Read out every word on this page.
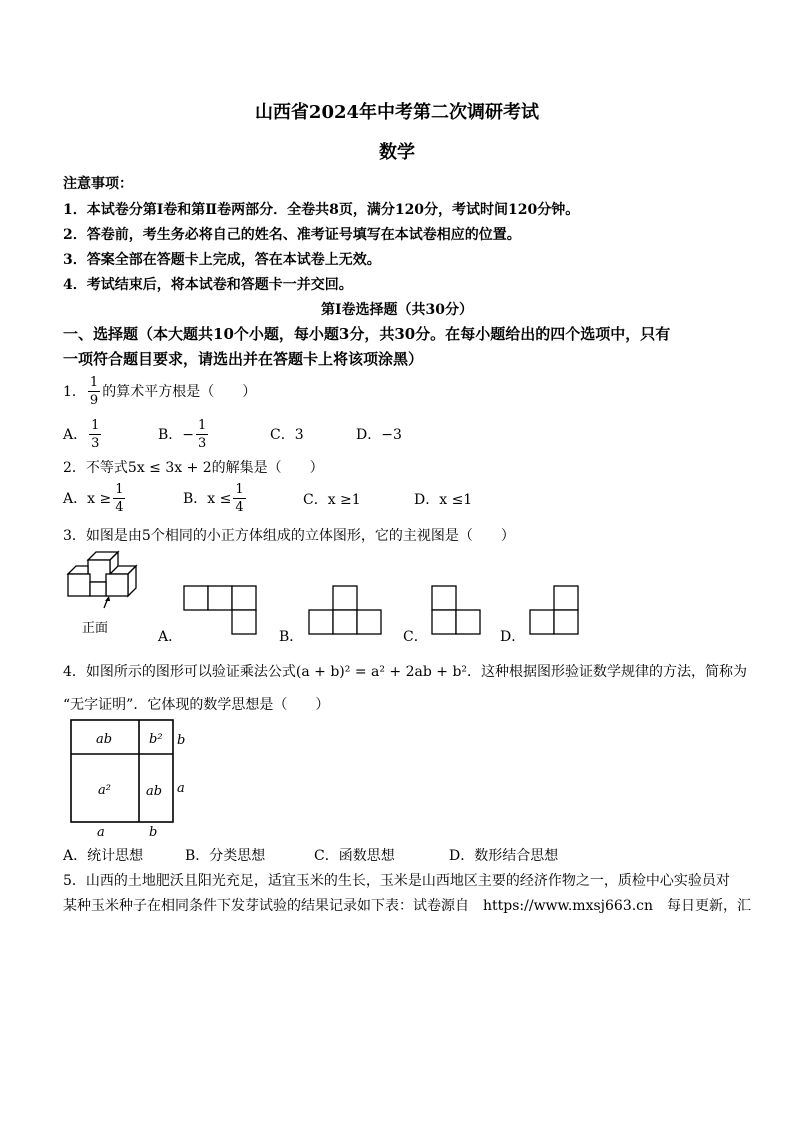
山西省2024年中考第二次调研考试
数学
注意事项：
1．本试卷分第Ⅰ卷和第Ⅱ卷两部分．全卷共8页，满分120分，考试时间120分钟。
2．答卷前，考生务必将自己的姓名、准考证号填写在本试卷相应的位置。
3．答案全部在答题卡上完成，答在本试卷上无效。
4．考试结束后，将本试卷和答题卡一并交回。
第Ⅰ卷选择题（共30分）
一、选择题（本大题共10个小题，每小题3分，共30分。在每小题给出的四个选项中，只有
一项符合题目要求，请选出并在答题卡上将该项涂黑）
1． $\frac{1}{9}$ 的算术平方根是（　　）
A． $\frac{1}{3}$	B．− $\frac{1}{3}$	C．3	D．−3
2．不等式5x ≤ 3x + 2的解集是（　　）
A．$x \ge \frac{1}{4}$	B．$x \le \frac{1}{4}$	C．x ≥1	D．x ≤1
3．如图是由5个相同的小正方体组成的立体图形，它的主视图是（　　）
正面
A．	B．	C．	D．
4．如图所示的图形可以验证乘法公式(a + b)² = a² + 2ab + b²．这种根据图形验证数学规律的方法，简称为
“无字证明”．它体现的数学思想是（　　）
ab	b²
a²	ab
b
a
a	b
A．统计思想	B．分类思想	C．函数思想	D．数形结合思想
5．山西的土地肥沃且阳光充足，适宜玉米的生长，玉米是山西地区主要的经济作物之一，质检中心实验员对
某种玉米种子在相同条件下发芽试验的结果记录如下表：试卷源自　https://www.mxsj663.cn　每日更新，汇
